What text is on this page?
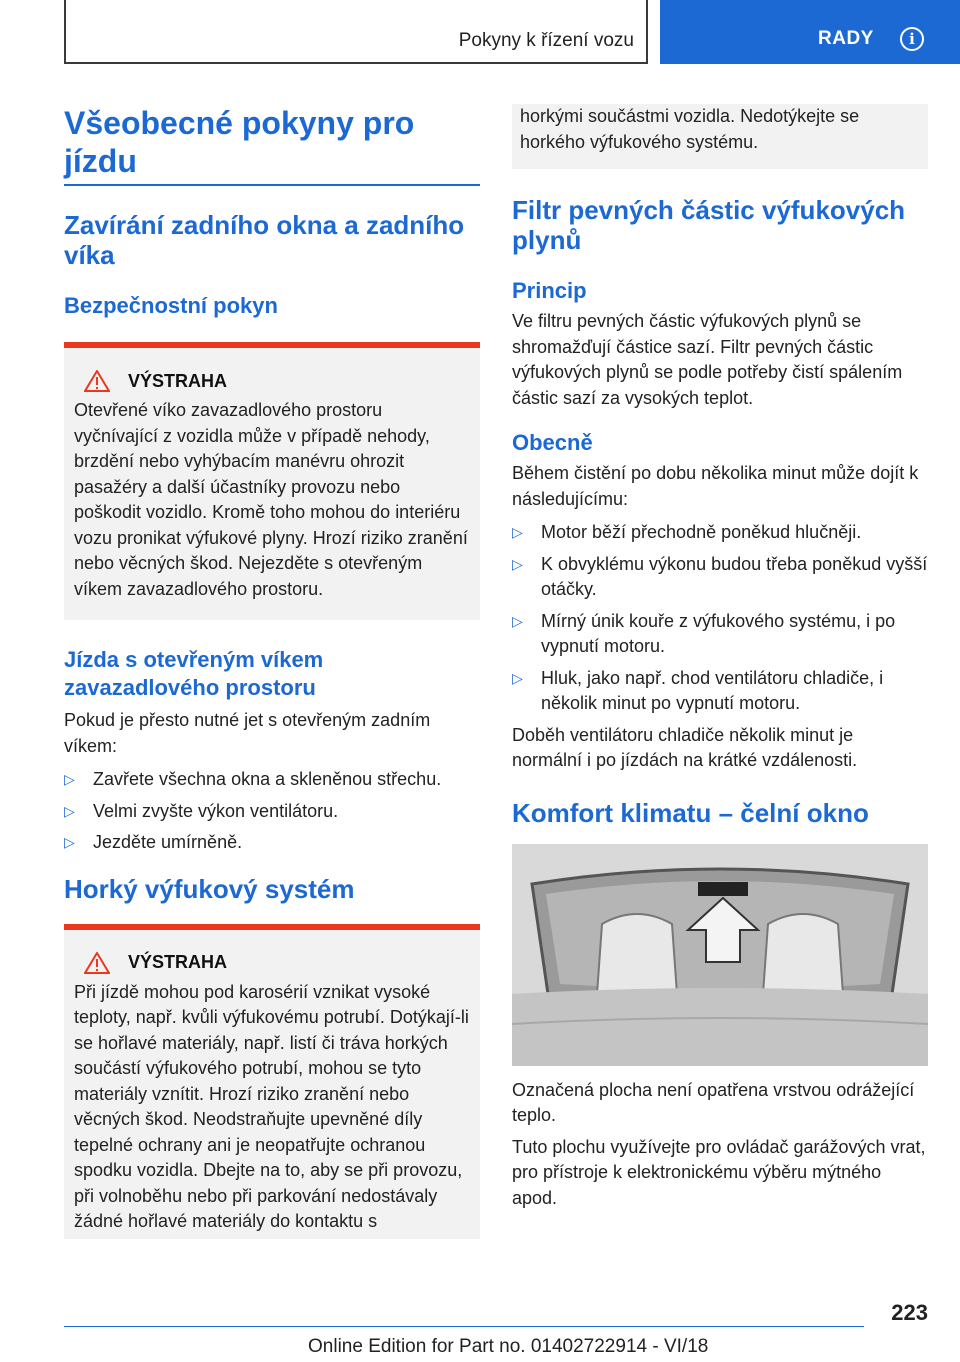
Pokyny k řízení vozu	RADY	i
Všeobecné pokyny pro jízdu
Zavírání zadního okna a zadního víka
Bezpečnostní pokyn
VÝSTRAHA

Otevřené víko zavazadlového prostoru vyčnívající z vozidla může v případě nehody, brzdění nebo vyhýbacím manévru ohrozit pasažéry a další účastníky provozu nebo poškodit vozidlo. Kromě toho mohou do interiéru vozu pronikat výfukové plyny. Hrozí riziko zranění nebo věcných škod. Nejezděte s otevřeným víkem zavazadlového prostoru.

Jízda s otevřeným víkem zavazadlového prostoru

Pokud je přesto nutné jet s otevřeným zadním víkem:

▷ Zavřete všechna okna a skleněnou střechu.
▷ Velmi zvyšte výkon ventilátoru.
▷ Jezděte umírněně.
Horký výfukový systém
VÝSTRAHA

Při jízdě mohou pod karosérií vznikat vysoké teploty, např. kvůli výfukovému potrubí. Dotýkají-li se hořlavé materiály, např. listí či tráva horkých součástí výfukového potrubí, mohou se tyto materiály vznítit. Hrozí riziko zranění nebo věcných škod. Neodstraňujte upevněné díly tepelné ochrany ani je neopatřujte ochranou spodku vozidla. Dbejte na to, aby se při provozu, při volnoběhu nebo při parkování nedostávaly žádné hořlavé materiály do kontaktu s

horkými součástmi vozidla. Nedotýkejte se horkého výfukového systému.

Filtr pevných částic výfukových plynů
Princip

Ve filtru pevných částic výfukových plynů se shromažďují částice sazí. Filtr pevných částic výfukových plynů se podle potřeby čistí spálením částic sazí za vysokých teplot.

Obecně

Během čistění po dobu několika minut může dojít k následujícímu:

▷ Motor běží přechodně poněkud hlučněji.
▷ K obvyklému výkonu budou třeba poněkud vyšší otáčky.
▷ Mírný únik kouře z výfukového systému, i po vypnutí motoru.
▷ Hluk, jako např. chod ventilátoru chladiče, i několik minut po vypnutí motoru.

Doběh ventilátoru chladiče několik minut je normální i po jízdách na krátké vzdálenosti.

Komfort klimatu – čelní okno

Označená plocha není opatřena vrstvou odrážející teplo.

Tuto plochu využívejte pro ovládač garážových vrat, pro přístroje k elektronickému výběru mýtného apod.

223
Online Edition for Part no. 01402722914 - VI/18
